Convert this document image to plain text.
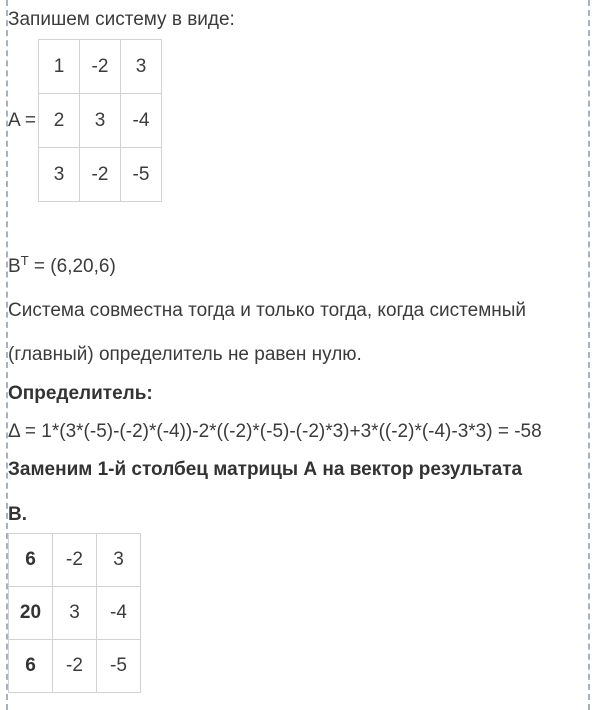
Запишем систему в виде:

A =
1	-2	3
2	3	-4
3	-2	-5

$B^T = (6,20,6)$

Система совместна тогда и только тогда, когда системный
(главный) определитель не равен нулю.

Определитель:

Δ = 1*(3*(-5)-(-2)*(-4))-2*((-2)*(-5)-(-2)*3)+3*((-2)*(-4)-3*3) = -58

Заменим 1-й столбец матрицы А на вектор результата
В.

6	-2	3
20	3	-4
6	-2	-5
